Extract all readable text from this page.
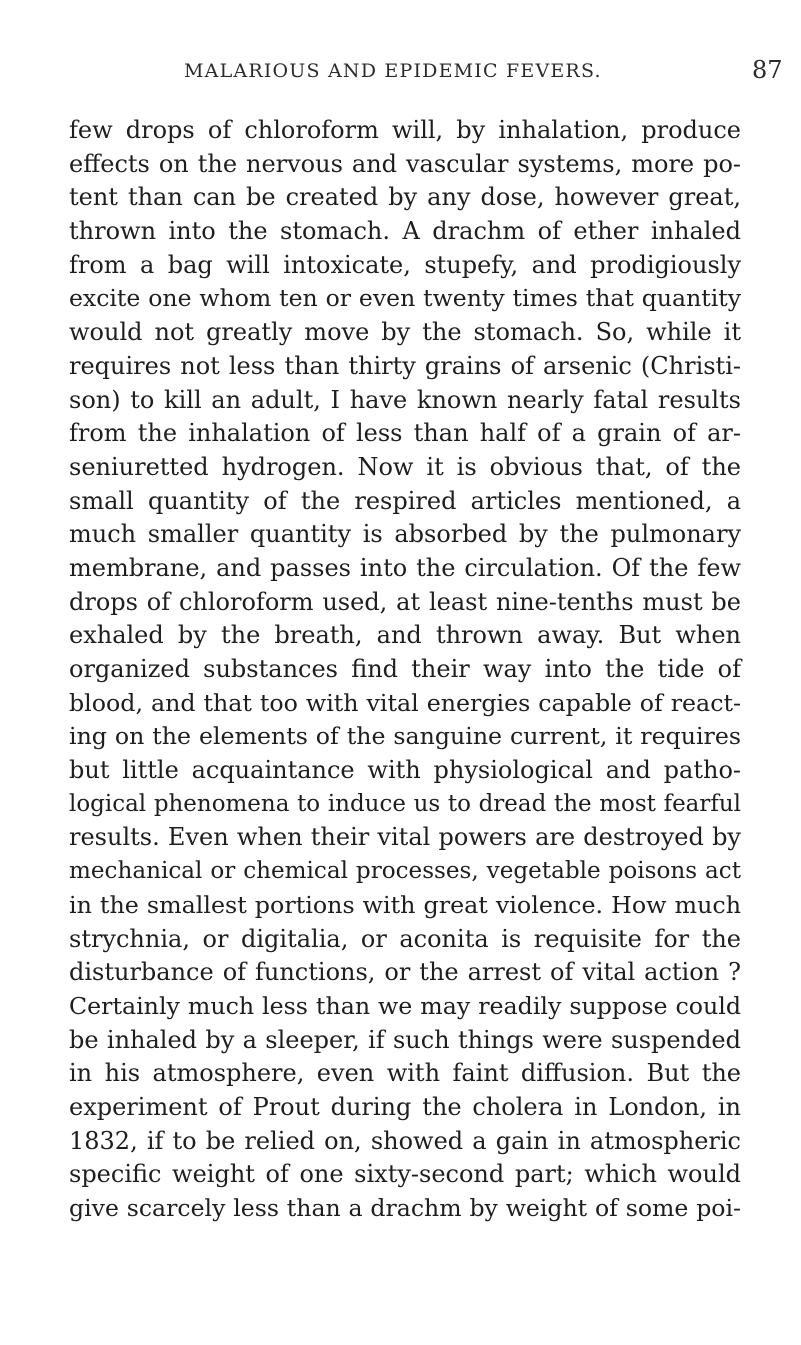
MALARIOUS AND EPIDEMIC FEVERS.	87
few drops of chloroform will, by inhalation, produce
effects on the nervous and vascular systems, more po-
tent than can be created by any dose, however great,
thrown into the stomach. A drachm of ether inhaled
from a bag will intoxicate, stupefy, and prodigiously
excite one whom ten or even twenty times that quantity
would not greatly move by the stomach. So, while it
requires not less than thirty grains of arsenic (Christi-
son) to kill an adult, I have known nearly fatal results
from the inhalation of less than half of a grain of ar-
seniuretted hydrogen. Now it is obvious that, of the
small quantity of the respired articles mentioned, a
much smaller quantity is absorbed by the pulmonary
membrane, and passes into the circulation. Of the few
drops of chloroform used, at least nine-tenths must be
exhaled by the breath, and thrown away. But when
organized substances find their way into the tide of
blood, and that too with vital energies capable of react-
ing on the elements of the sanguine current, it requires
but little acquaintance with physiological and patho-
logical phenomena to induce us to dread the most fearful
results. Even when their vital powers are destroyed by
mechanical or chemical processes, vegetable poisons act
in the smallest portions with great violence. How much
strychnia, or digitalia, or aconita is requisite for the
disturbance of functions, or the arrest of vital action ?
Certainly much less than we may readily suppose could
be inhaled by a sleeper, if such things were suspended
in his atmosphere, even with faint diffusion. But the
experiment of Prout during the cholera in London, in
1832, if to be relied on, showed a gain in atmospheric
specific weight of one sixty-second part; which would
give scarcely less than a drachm by weight of some poi-
